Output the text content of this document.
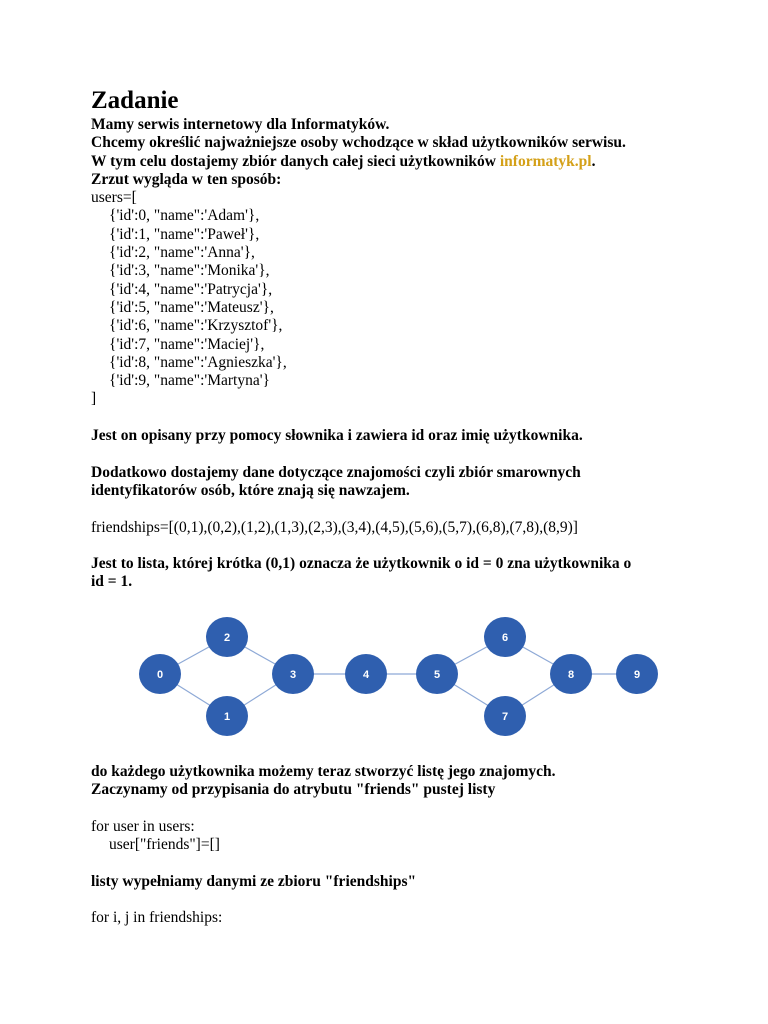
Zadanie
Mamy serwis internetowy dla Informatyków.
Chcemy określić najważniejsze osoby wchodzące w skład użytkowników serwisu.
W tym celu dostajemy zbiór danych całej sieci użytkowników informatyk.pl.
Zrzut wygląda w ten sposób:
users=[
{'id':0, "name":'Adam'},
{'id':1, "name":'Paweł'},
{'id':2, "name":'Anna'},
{'id':3, "name":'Monika'},
{'id':4, "name":'Patrycja'},
{'id':5, "name":'Mateusz'},
{'id':6, "name":'Krzysztof'},
{'id':7, "name":'Maciej'},
{'id':8, "name":'Agnieszka'},
{'id':9, "name":'Martyna'}
]
Jest on opisany przy pomocy słownika i zawiera id oraz imię użytkownika.
Dodatkowo dostajemy dane dotyczące znajomości czyli zbiór smarownych
identyfikatorów osób, które znają się nawzajem.
friendships=[(0,1),(0,2),(1,2),(1,3),(2,3),(3,4),(4,5),(5,6),(5,7),(6,8),(7,8),(8,9)]
Jest to lista, której krótka (0,1) oznacza że użytkownik o id = 0 zna użytkownika o
id = 1.
0
1
2
3	4	5
6
7
8	9
do każdego użytkownika możemy teraz stworzyć listę jego znajomych.
Zaczynamy od przypisania do atrybutu "friends" pustej listy
for user in users:
user["friends"]=[]
listy wypełniamy danymi ze zbioru "friendships"
for i, j in friendships:
